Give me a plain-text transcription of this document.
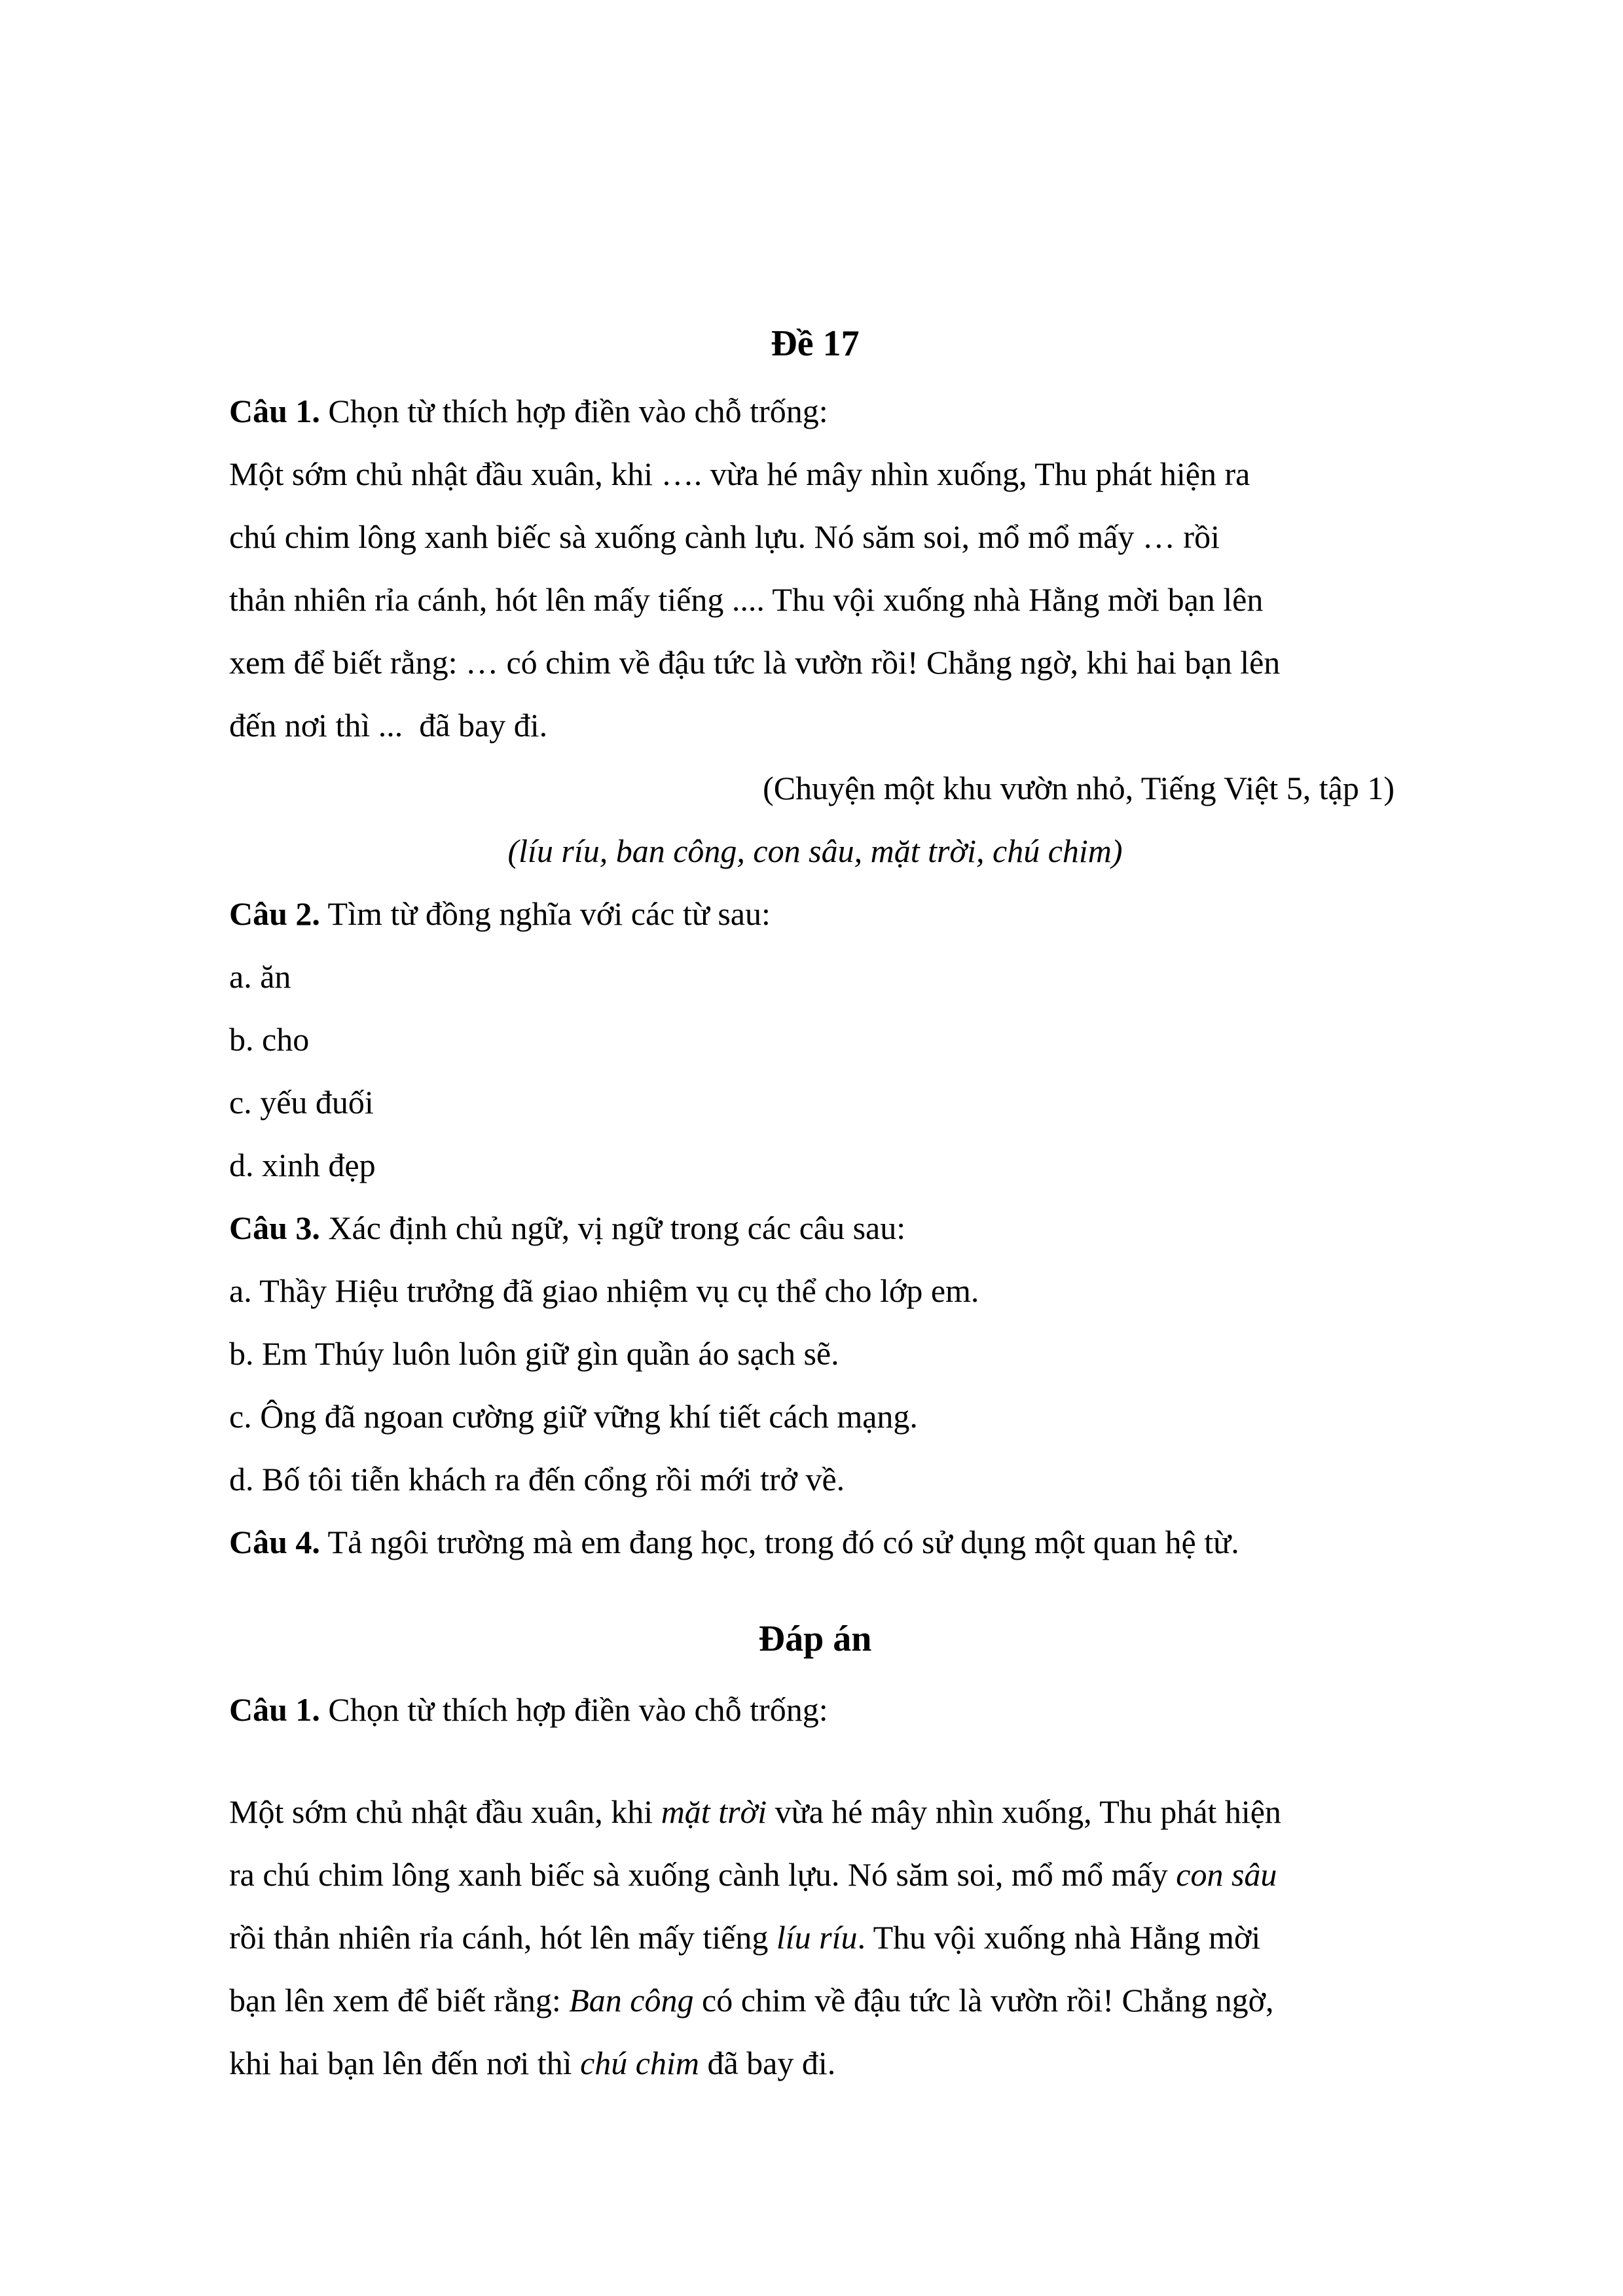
Đề 17

Câu 1. Chọn từ thích hợp điền vào chỗ trống:

Một sớm chủ nhật đầu xuân, khi …. vừa hé mây nhìn xuống, Thu phát hiện ra

chú chim lông xanh biếc sà xuống cành lựu. Nó săm soi, mổ mổ mấy … rồi

thản nhiên rỉa cánh, hót lên mấy tiếng .... Thu vội xuống nhà Hằng mời bạn lên

xem để biết rằng: … có chim về đậu tức là vườn rồi! Chẳng ngờ, khi hai bạn lên

đến nơi thì ...  đã bay đi.

(Chuyện một khu vườn nhỏ, Tiếng Việt 5, tập 1)

(líu ríu, ban công, con sâu, mặt trời, chú chim)

Câu 2. Tìm từ đồng nghĩa với các từ sau:

a. ăn

b. cho

c. yếu đuối

d. xinh đẹp

Câu 3. Xác định chủ ngữ, vị ngữ trong các câu sau:

a. Thầy Hiệu trưởng đã giao nhiệm vụ cụ thể cho lớp em.

b. Em Thúy luôn luôn giữ gìn quần áo sạch sẽ.

c. Ông đã ngoan cường giữ vững khí tiết cách mạng.

d. Bố tôi tiễn khách ra đến cổng rồi mới trở về.

Câu 4. Tả ngôi trường mà em đang học, trong đó có sử dụng một quan hệ từ.

Đáp án

Câu 1. Chọn từ thích hợp điền vào chỗ trống:

Một sớm chủ nhật đầu xuân, khi mặt trời vừa hé mây nhìn xuống, Thu phát hiện

ra chú chim lông xanh biếc sà xuống cành lựu. Nó săm soi, mổ mổ mấy con sâu

rồi thản nhiên rỉa cánh, hót lên mấy tiếng líu ríu. Thu vội xuống nhà Hằng mời

bạn lên xem để biết rằng: Ban công có chim về đậu tức là vườn rồi! Chẳng ngờ,

khi hai bạn lên đến nơi thì chú chim đã bay đi.
